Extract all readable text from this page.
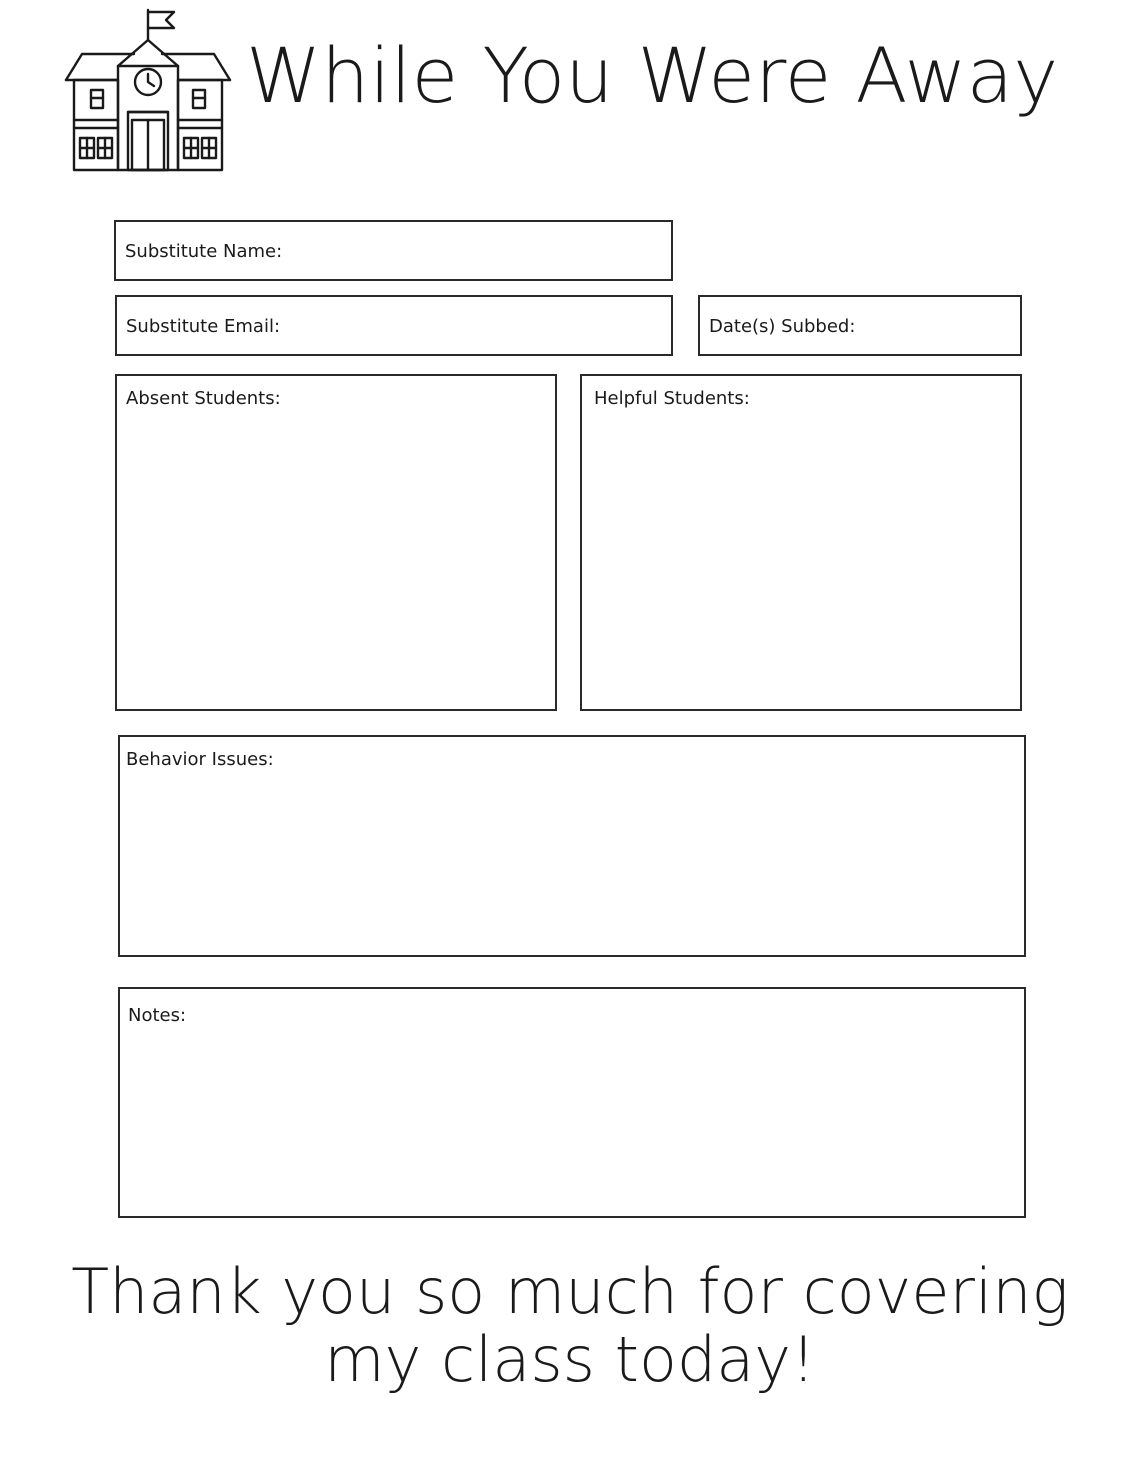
While You Were Away
Substitute Name:
Substitute Email:	Date(s) Subbed:
Absent Students:	Helpful Students:
Behavior Issues:
Notes:
Thank you so much for covering
my class today!
